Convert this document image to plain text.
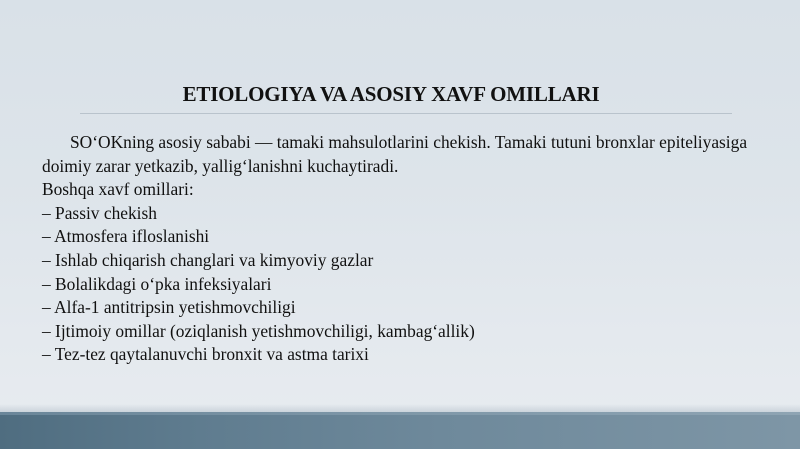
ETIOLOGIYA VA ASOSIY XAVF OMILLARI

SO‘OKning asosiy sababi — tamaki mahsulotlarini chekish. Tamaki tutuni bronxlar epiteliyasiga doimiy zarar yetkazib, yallig‘lanishni kuchaytiradi.

Boshqa xavf omillari:

– Passiv chekish

– Atmosfera ifloslanishi

– Ishlab chiqarish changlari va kimyoviy gazlar

– Bolalikdagi o‘pka infeksiyalari

– Alfa-1 antitripsin yetishmovchiligi

– Ijtimoiy omillar (oziqlanish yetishmovchiligi, kambag‘allik)

– Tez-tez qaytalanuvchi bronxit va astma tarixi
